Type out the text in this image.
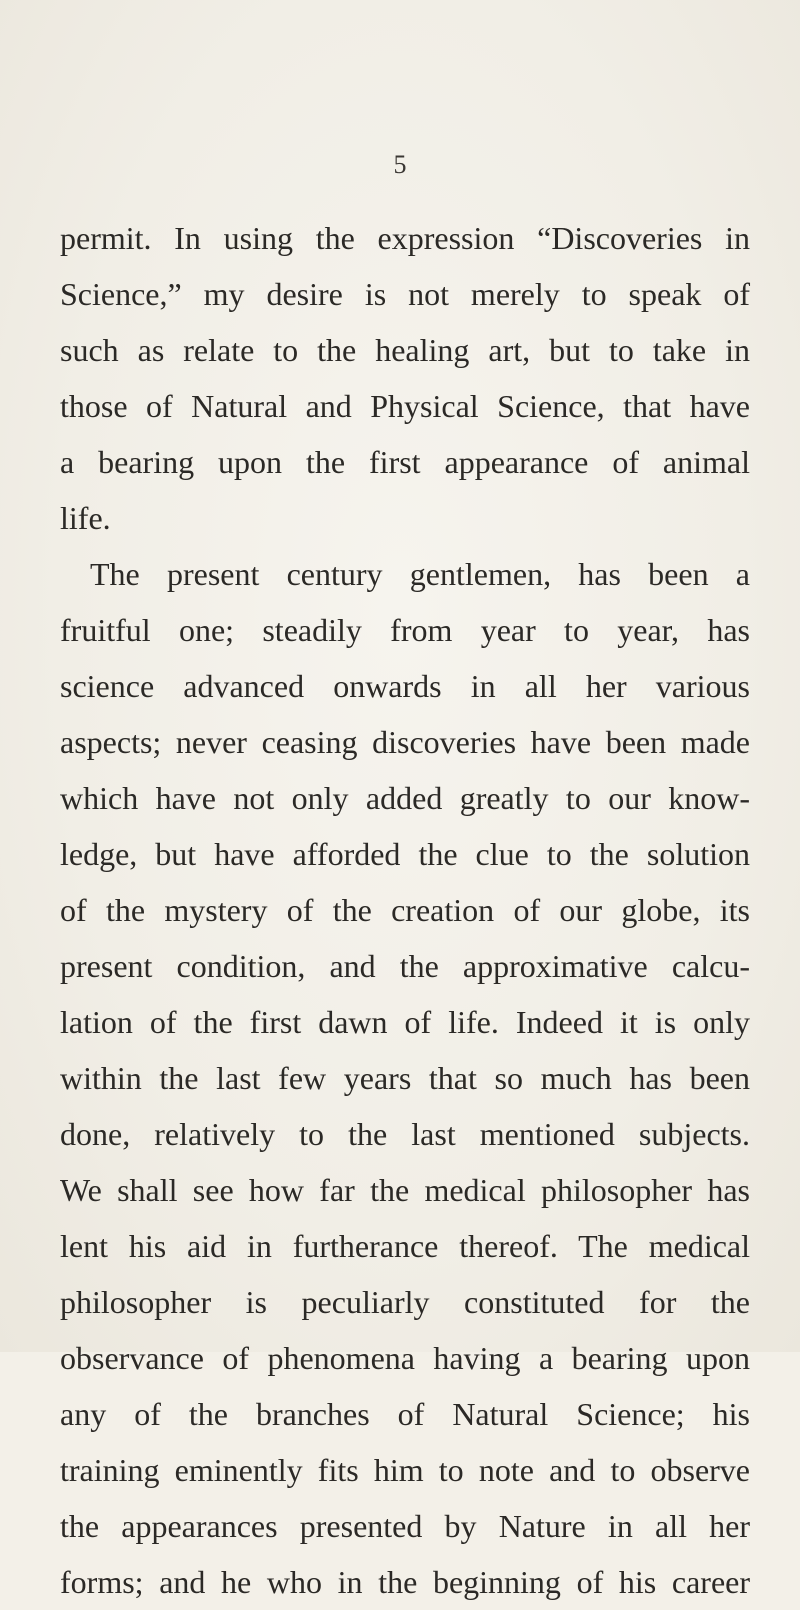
5
permit. In using the expression “Discoveries in
Science,” my desire is not merely to speak of
such as relate to the healing art, but to take in
those of Natural and Physical Science, that have
a bearing upon the first appearance of animal
life.
The present century gentlemen, has been a
fruitful one; steadily from year to year, has
science advanced onwards in all her various
aspects; never ceasing discoveries have been made
which have not only added greatly to our know-
ledge, but have afforded the clue to the solution
of the mystery of the creation of our globe, its
present condition, and the approximative calcu-
lation of the first dawn of life. Indeed it is only
within the last few years that so much has been
done, relatively to the last mentioned subjects.
We shall see how far the medical philosopher has
lent his aid in furtherance thereof. The medical
philosopher is peculiarly constituted for the
observance of phenomena having a bearing upon
any of the branches of Natural Science; his
training eminently fits him to note and to observe
the appearances presented by Nature in all her
forms; and he who in the beginning of his career
